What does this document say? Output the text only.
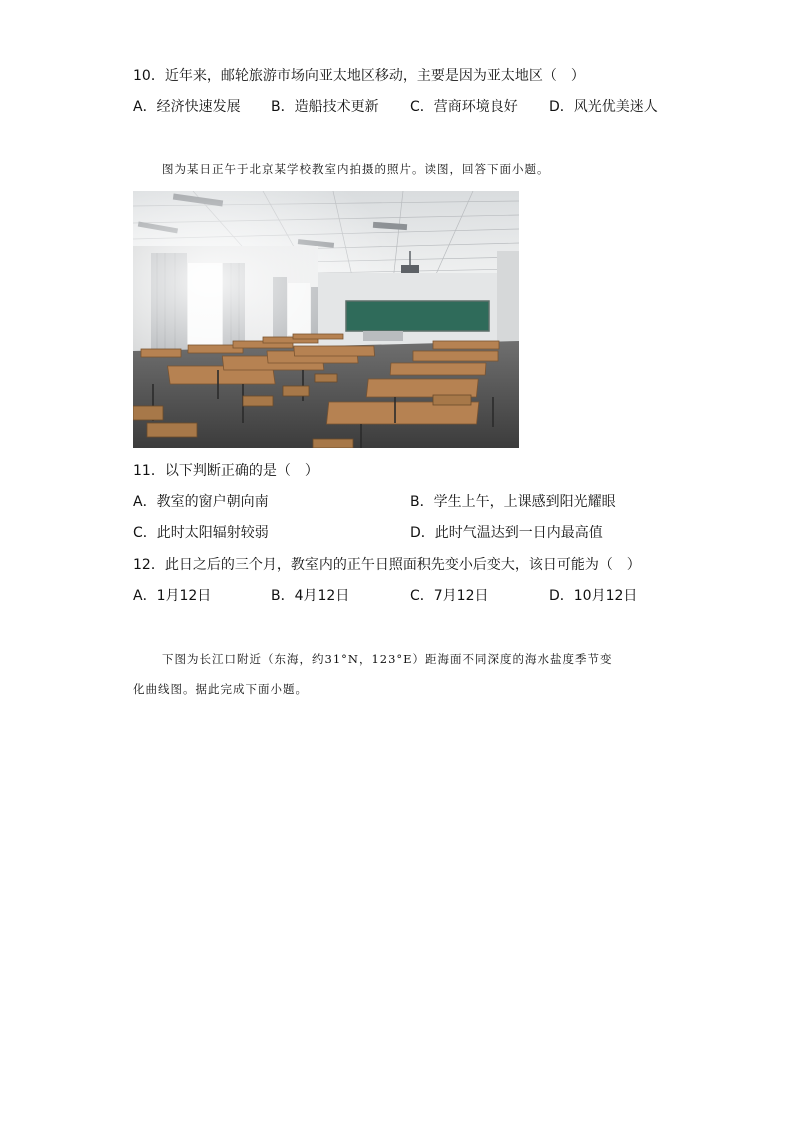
10．近年来，邮轮旅游市场向亚太地区移动，主要是因为亚太地区（　）
A．经济快速发展 B．造船技术更新 C．营商环境良好 D．风光优美迷人
图为某日正午于北京某学校教室内拍摄的照片。读图，回答下面小题。
11．以下判断正确的是（　）
A．教室的窗户朝向南	B．学生上午，上课感到阳光耀眼
C．此时太阳辐射较弱	D．此时气温达到一日内最高值
12．此日之后的三个月，教室内的正午日照面积先变小后变大，该日可能为（　）
A．1月12日	B．4月12日	C．7月12日	D．10月12日
下图为长江口附近（东海，约31°N，123°E）距海面不同深度的海水盐度季节变
化曲线图。据此完成下面小题。
